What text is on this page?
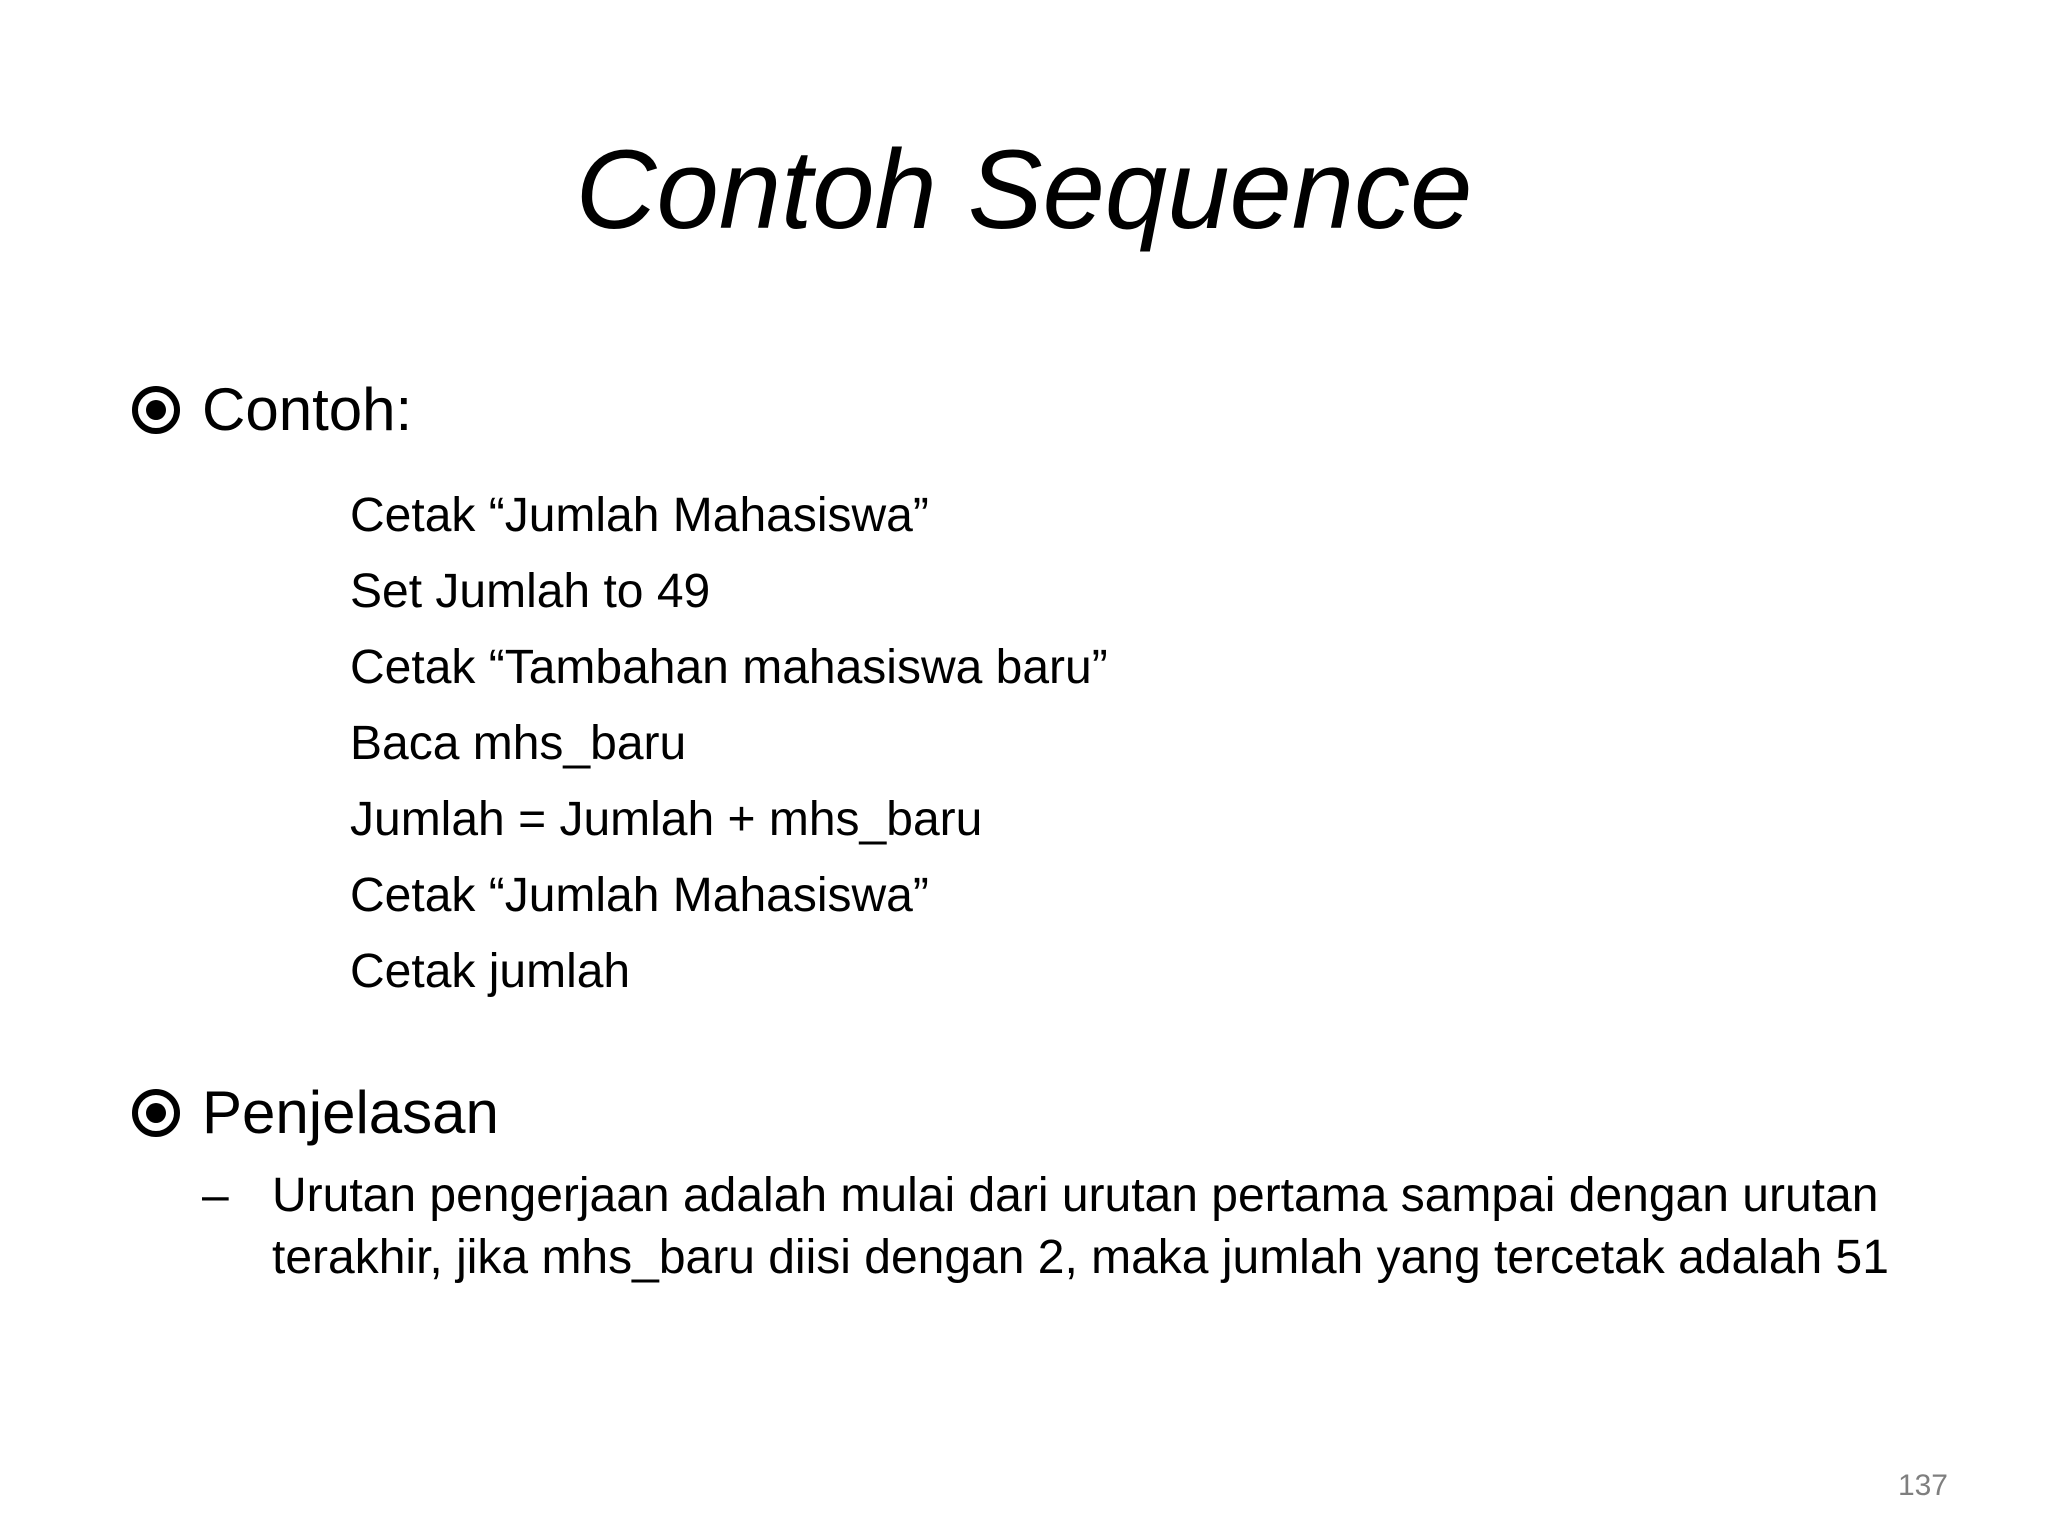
Contoh Sequence
Contoh:
Cetak “Jumlah Mahasiswa”
Set Jumlah to 49
Cetak “Tambahan mahasiswa baru”
Baca mhs_baru
Jumlah = Jumlah + mhs_baru
Cetak “Jumlah Mahasiswa”
Cetak jumlah
Penjelasan
– Urutan pengerjaan adalah mulai dari urutan pertama sampai dengan urutan terakhir, jika mhs_baru diisi dengan 2, maka jumlah yang tercetak adalah 51
137
